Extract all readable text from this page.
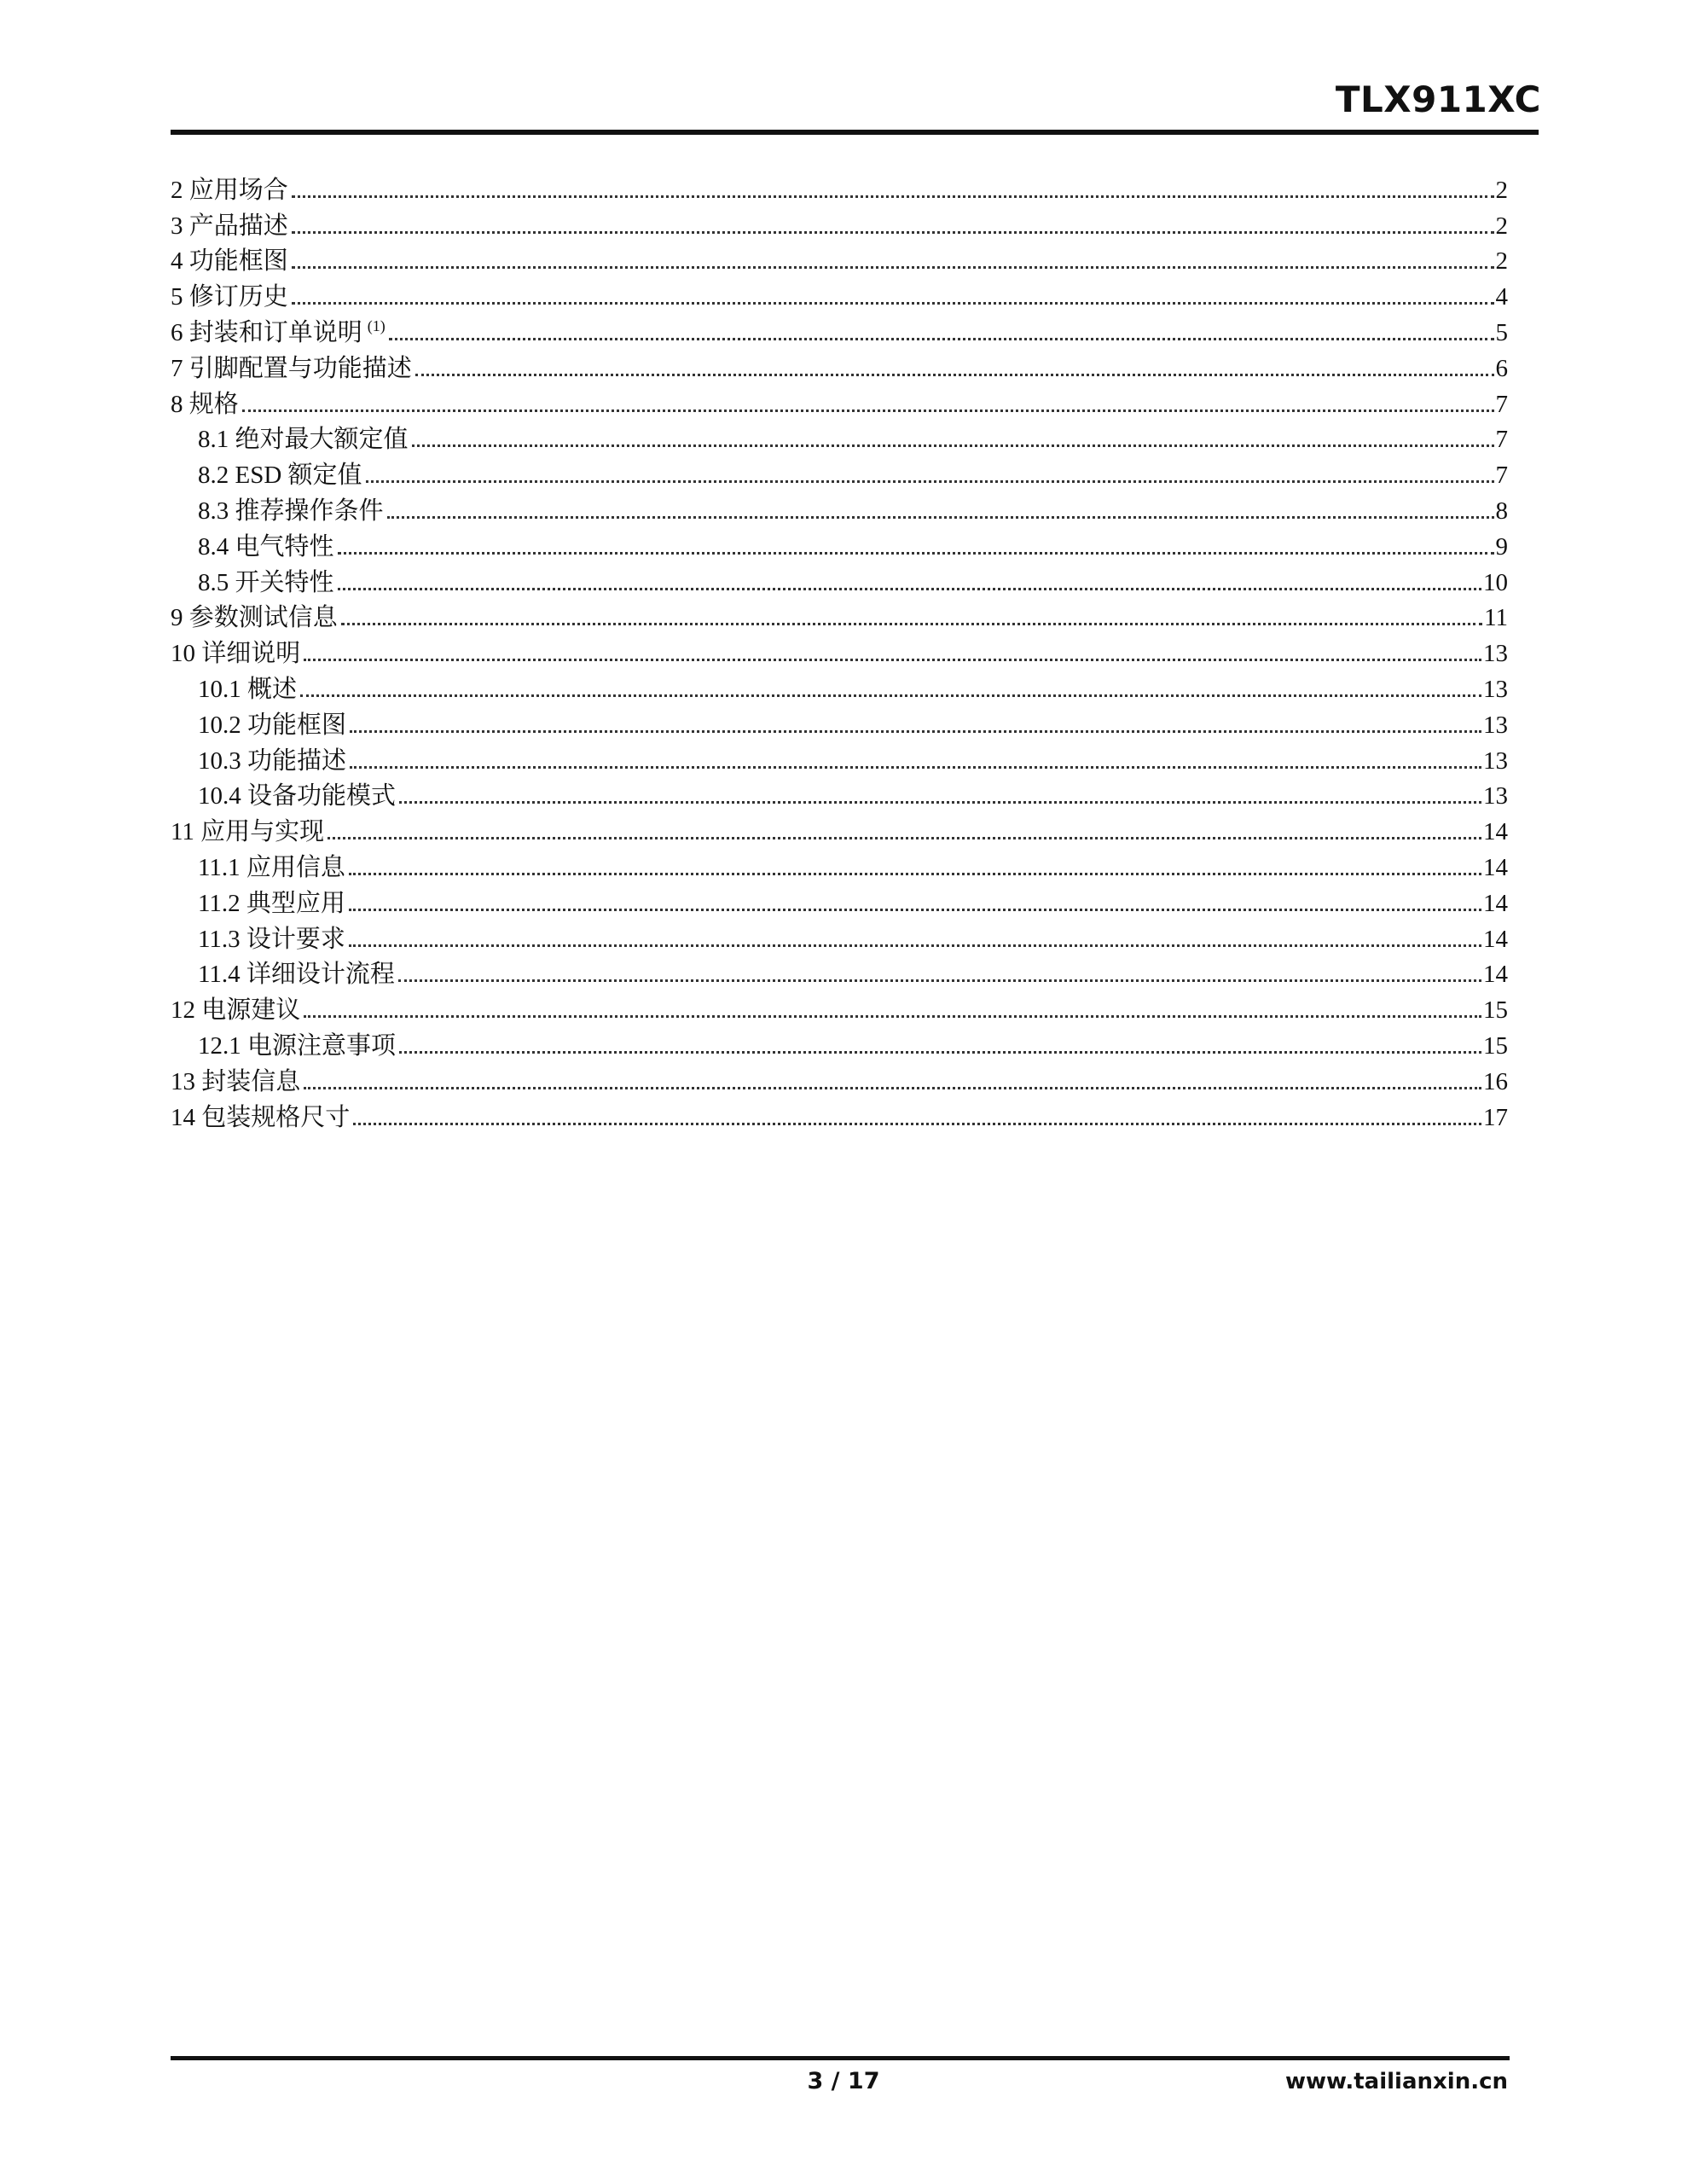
TLX911XC
2 应用场合	2
3 产品描述	2
4 功能框图	2
5 修订历史	4
6 封装和订单说明 $^{(1)}$	5
7 引脚配置与功能描述	6
8 规格	7
8.1 绝对最大额定值	7
8.2 ESD 额定值	7
8.3 推荐操作条件	8
8.4 电气特性	9
8.5 开关特性	10
9 参数测试信息	11
10 详细说明	13
10.1 概述	13
10.2 功能框图	13
10.3 功能描述	13
10.4 设备功能模式	13
11 应用与实现	14
11.1 应用信息	14
11.2 典型应用	14
11.3 设计要求	14
11.4 详细设计流程	14
12 电源建议	15
12.1 电源注意事项	15
13 封装信息	16
14 包装规格尺寸	17
3 / 17	www.tailianxin.cn
